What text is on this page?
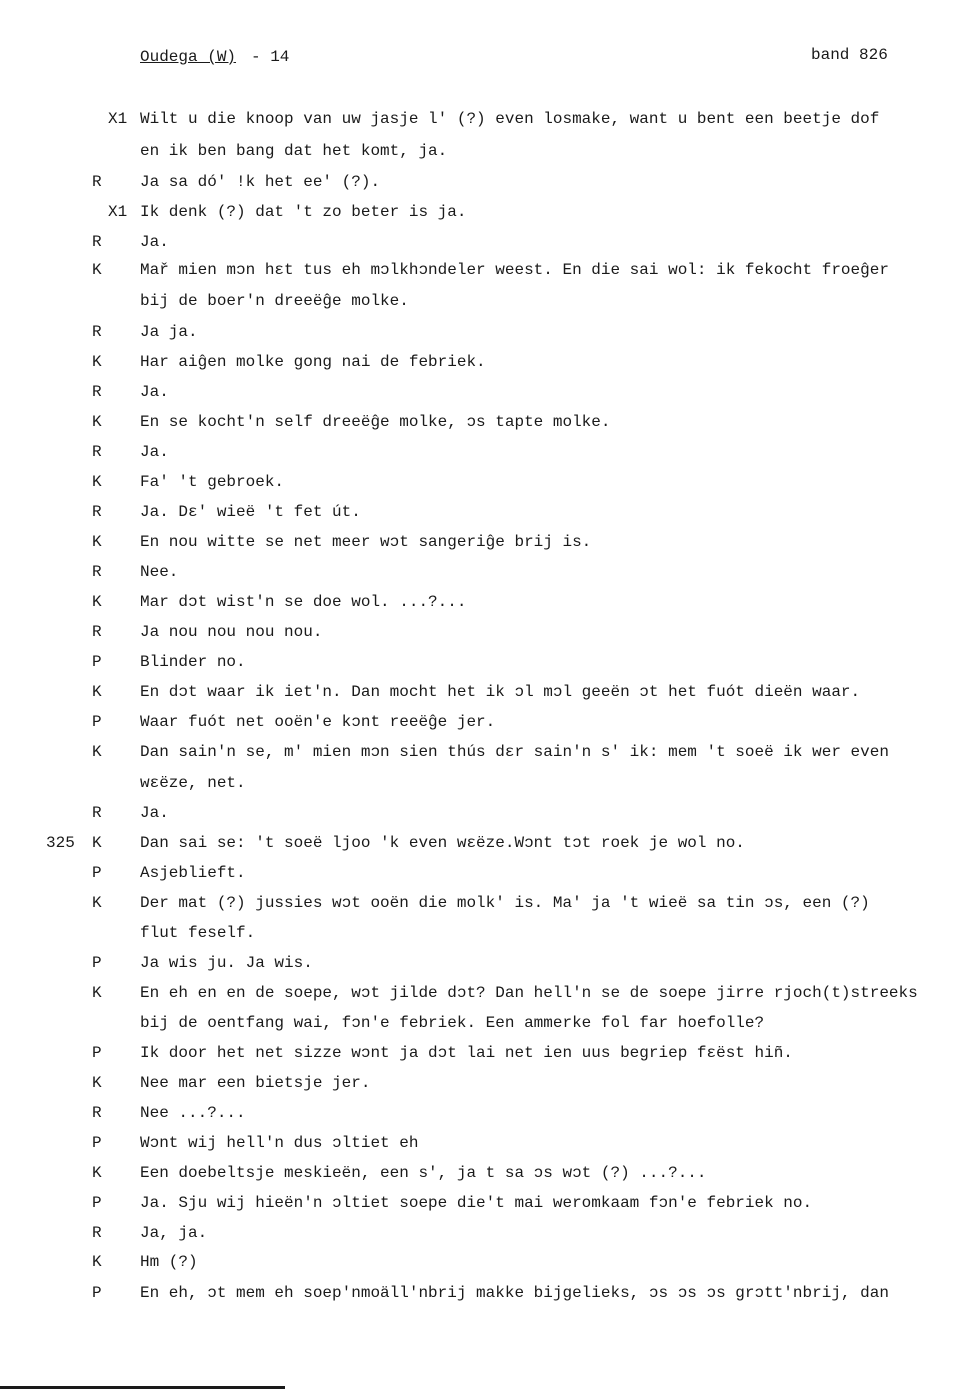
Oudega (W) - 14	band 826
X1 Wilt u die knoop van uw jasje l' (?) even losmake, want u bent een beetje dof
en ik ben bang dat het komt, ja.
R Ja sa dó' !k het ee' (?).
X1 Ik denk (?) dat 't zo beter is ja.
R Ja.
K Mař mien mɔn hɛt tus eh mɔlkhɔndeler weest. En die sai wol: ik fekocht froeĝer
bij de boer'n dreeëĝe molke.
R Ja ja.
K Har aiĝen molke gong nai de febriek.
R Ja.
K En se kocht'n self dreeëĝe molke, ɔs tapte molke.
R Ja.
K Fa' 't gebroek.
R Ja. Dɛ' wieë 't fet út.
K En nou witte se net meer wɔt sangeriĝe brij is.
R Nee.
K Mar dɔt wist'n se doe wol. ...?...
R Ja nou nou nou nou.
P Blinder no.
K En dɔt waar ik iet'n. Dan mocht het ik ɔl mɔl geeën ɔt het fuót dieën waar.
P Waar fuót net ooën'e kɔnt reeëĝe jer.
K Dan sain'n se, m' mien mɔn sien thús dɛr sain'n s' ik: mem 't soeë ik wer even
wɛëze, net.
R Ja.
325 K Dan sai se: 't soeë ljoo 'k even wɛëze.Wɔnt tɔt roek je wol no.
P Asjeblieft.
K Der mat (?) jussies wɔt ooën die molk' is. Ma' ja 't wieë sa tin ɔs, een (?)
flut feself.
P Ja wis ju. Ja wis.
K En eh en en de soepe, wɔt jilde dɔt? Dan hell'n se de soepe jirre rjoch(t)streeks
bij de oentfang wai, fɔn'e febriek. Een ammerke fol far hoefolle?
P Ik door het net sizze wɔnt ja dɔt lai net ien uus begriep fɛëst hiñ.
K Nee mar een bietsje jer.
R Nee ...?...
P Wɔnt wij hell'n dus ɔltiet eh
K Een doebeltsje meskieën, een s', ja t sa ɔs wɔt (?) ...?...
P Ja. Sju wij hieën'n ɔltiet soepe die't mai weromkaam fɔn'e febriek no.
R Ja, ja.
K Hm (?)
P En eh, ɔt mem eh soep'nmoäll'nbrij makke bijgelieks, ɔs ɔs ɔs grɔtt'nbrij, dan
